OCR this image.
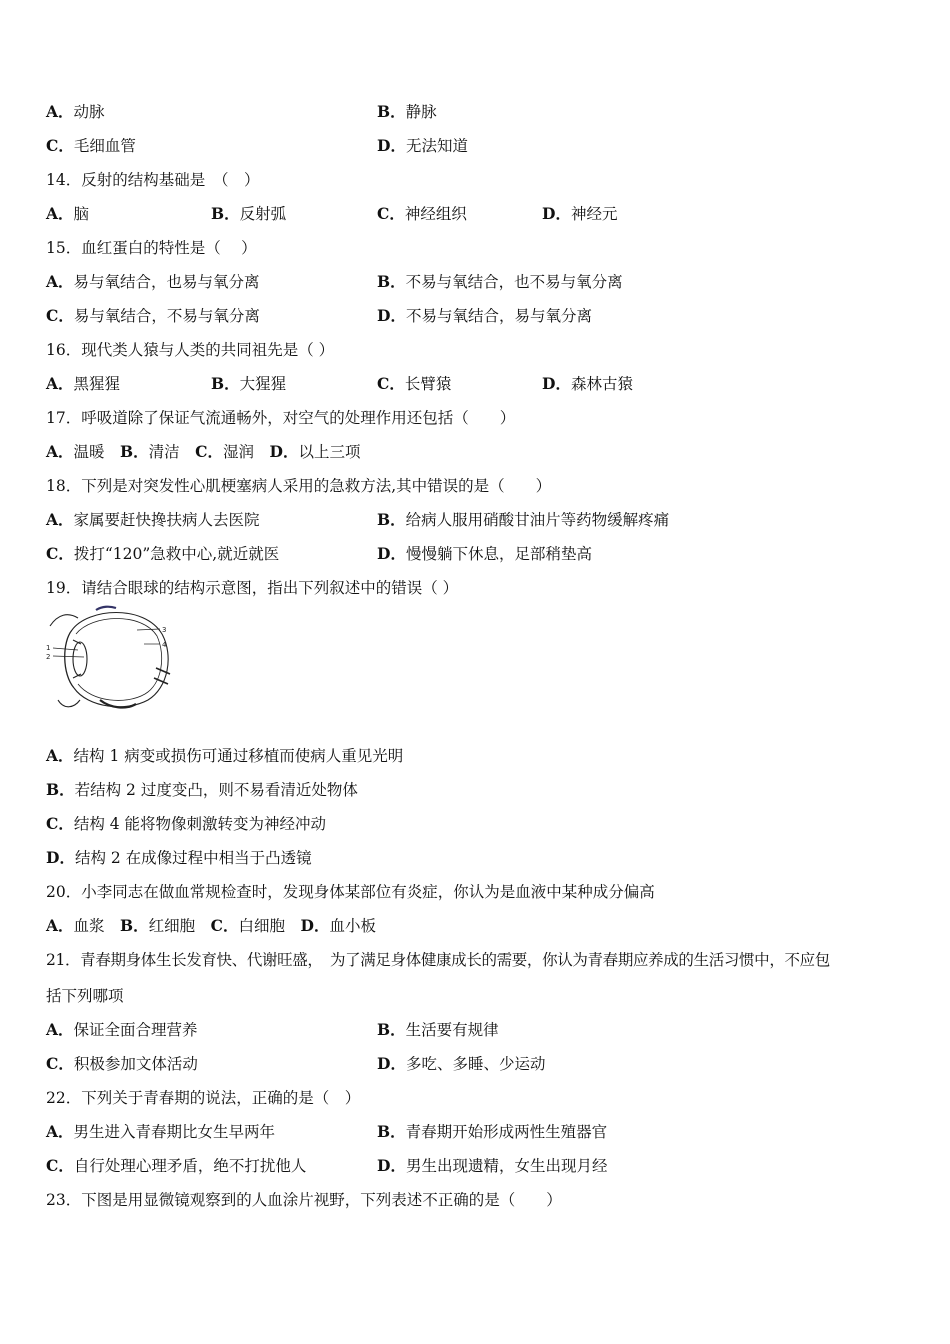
A．动脉	B．静脉
C．毛细血管	D．无法知道
14．反射的结构基础是　（　）
A．脑	B．反射弧	C．神经组织	D．神经元
15．血红蛋白的特性是（　 ）
A．易与氧结合，也易与氧分离	B．不易与氧结合，也不易与氧分离
C．易与氧结合，不易与氧分离	D．不易与氧结合，易与氧分离
16．现代类人猿与人类的共同祖先是（ ）
A．黑猩猩	B．大猩猩	C．长臂猿	D．森林古猿
17．呼吸道除了保证气流通畅外，对空气的处理作用还包括（　　）
A．温暖　B．清洁　C．湿润　D．以上三项
18．下列是对突发性心肌梗塞病人采用的急救方法,其中错误的是（　　）
A．家属要赶快搀扶病人去医院	B．给病人服用硝酸甘油片等药物缓解疼痛
C．拨打“120”急救中心,就近就医	D．慢慢躺下休息，足部稍垫高
19．请结合眼球的结构示意图，指出下列叙述中的错误（ ）
1
2
3
4
A．结构 1 病变或损伤可通过移植而使病人重见光明
B．若结构 2 过度变凸，则不易看清近处物体
C．结构 4 能将物像刺激转变为神经冲动
D．结构 2 在成像过程中相当于凸透镜
20．小李同志在做血常规检查时，发现身体某部位有炎症，你认为是血液中某种成分偏高
A．血浆　B．红细胞　C．白细胞　D．血小板
21．青春期身体生长发育快、代谢旺盛，　为了满足身体健康成长的需要，你认为青春期应养成的生活习惯中，不应包
括下列哪项
A．保证全面合理营养	B．生活要有规律
C．积极参加文体活动	D．多吃、多睡、少运动
22．下列关于青春期的说法，正确的是（　）
A．男生进入青春期比女生早两年	B．青春期开始形成两性生殖器官
C．自行处理心理矛盾，绝不打扰他人	D．男生出现遗精，女生出现月经
23．下图是用显微镜观察到的人血涂片视野，下列表述不正确的是（　　）
